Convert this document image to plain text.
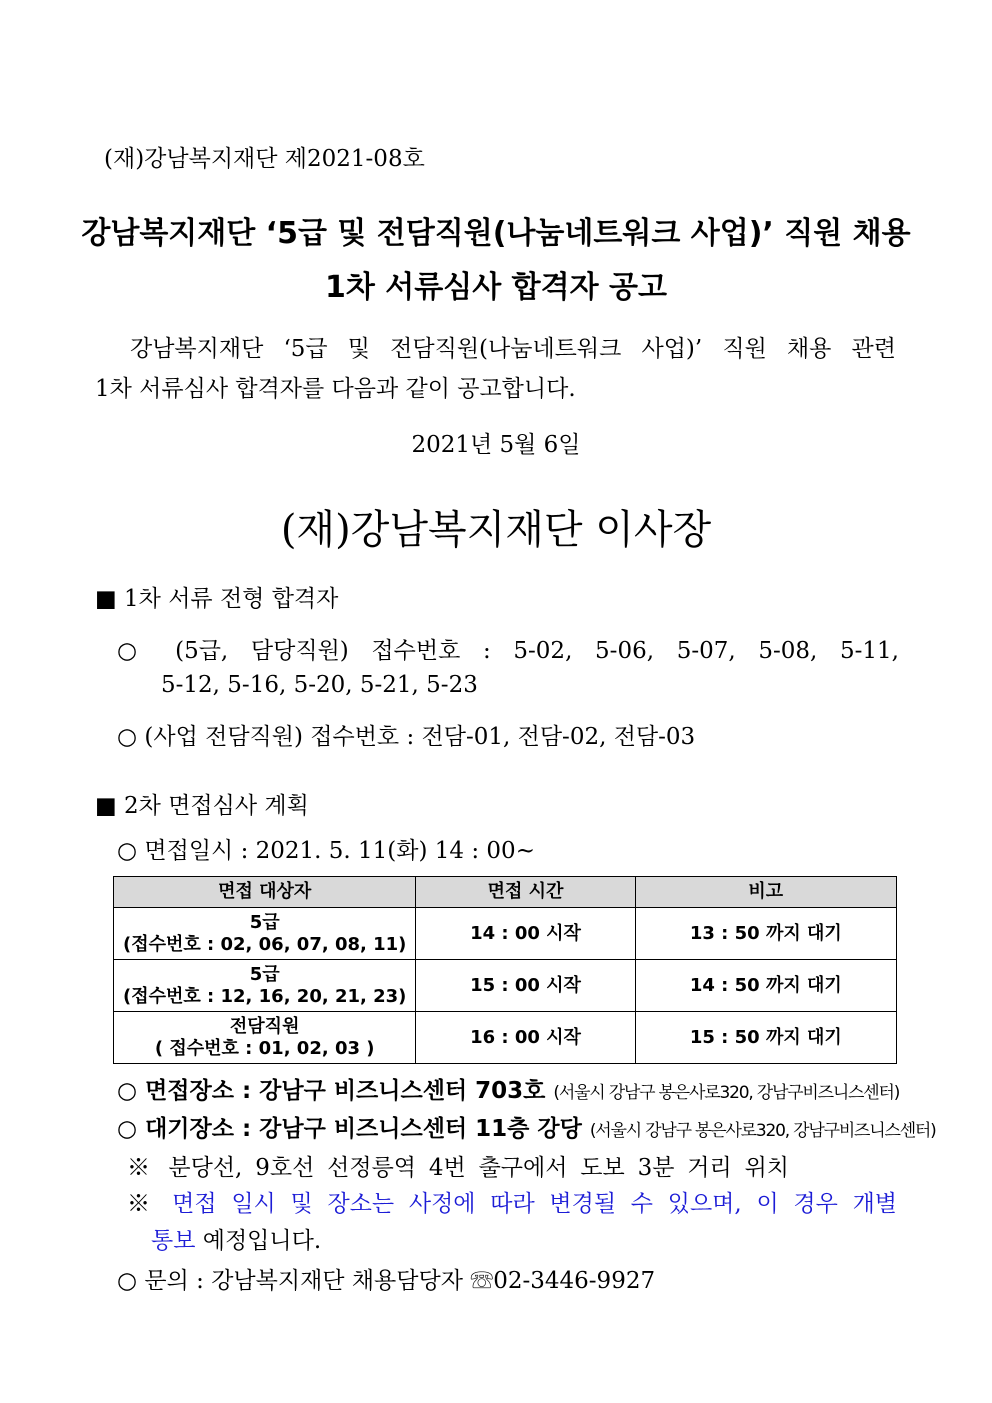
(재)강남복지재단 제2021-08호
강남복지재단 ‘5급 및 전담직원(나눔네트워크 사업)’ 직원 채용
1차 서류심사 합격자 공고
강남복지재단 ‘5급 및 전담직원(나눔네트워크 사업)’ 직원 채용 관련
1차 서류심사 합격자를 다음과 같이 공고합니다.
2021년 5월 6일
(재)강남복지재단 이사장
■ 1차 서류 전형 합격자
○ (5급, 담당직원) 접수번호 : 5-02, 5-06, 5-07, 5-08, 5-11,
5-12, 5-16, 5-20, 5-21, 5-23
○ (사업 전담직원) 접수번호 : 전담-01, 전담-02, 전담-03
■ 2차 면접심사 계획
○ 면접일시 : 2021. 5. 11(화) 14 : 00~
면접 대상자	면접 시간	비고

5급
(접수번호 : 02, 06, 07, 08, 11)	14 : 00 시작	13 : 50 까지 대기

5급
(접수번호 : 12, 16, 20, 21, 23)	15 : 00 시작	14 : 50 까지 대기

전담직원
( 접수번호 : 01, 02, 03 )	16 : 00 시작	15 : 50 까지 대기
○ 면접장소 : 강남구 비즈니스센터 703호 (서울시 강남구 봉은사로320, 강남구비즈니스센터)
○ 대기장소 : 강남구 비즈니스센터 11층 강당 (서울시 강남구 봉은사로320, 강남구비즈니스센터)
※ 분당선, 9호선 선정릉역 4번 출구에서 도보 3분 거리 위치
※ 면접 일시 및 장소는 사정에 따라 변경될 수 있으며, 이 경우 개별
통보 예정입니다.
○ 문의 : 강남복지재단 채용담당자 ☏02-3446-9927
